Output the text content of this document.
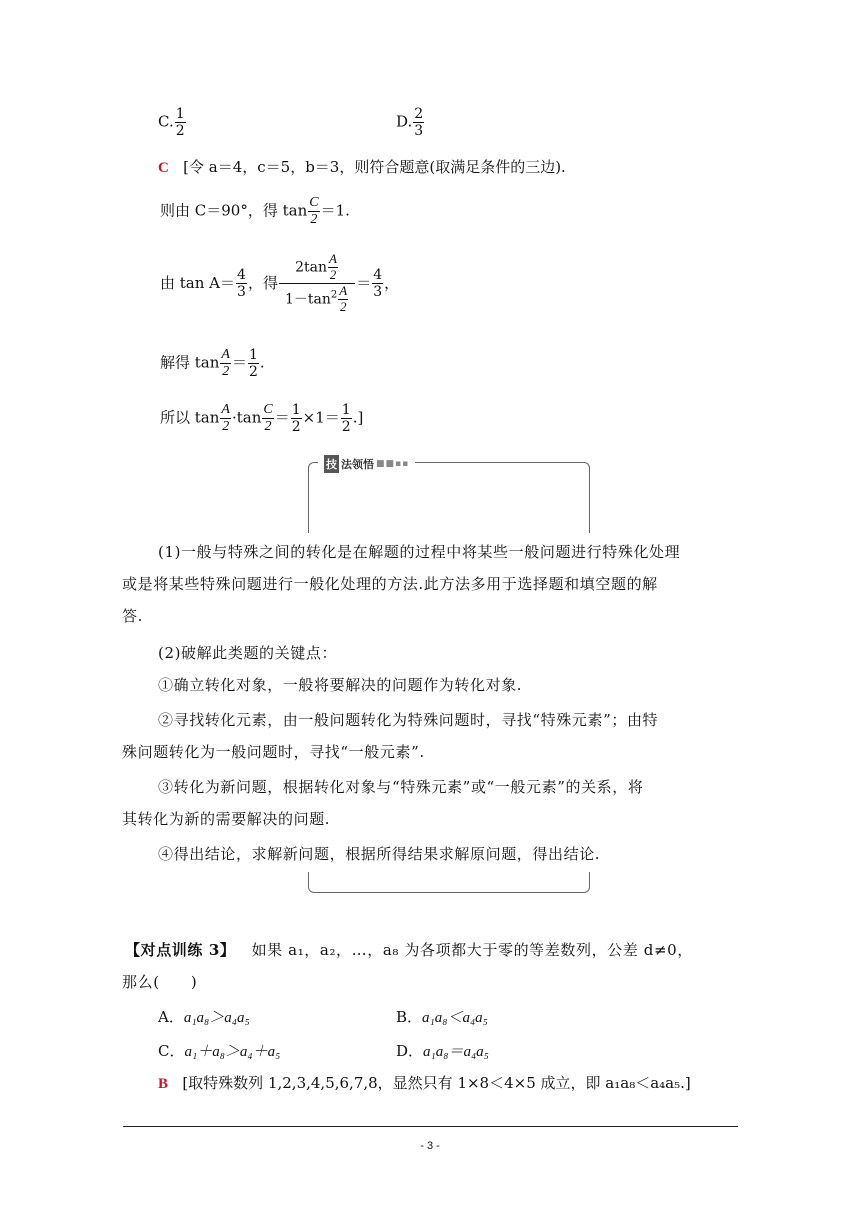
C. $\frac{1}{2}$	D. $\frac{2}{3}$
C [令 a＝4，c＝5，b＝3，则符合题意(取满足条件的三边).
则由 C＝90°，得 $\tan \frac{C}{2} =1$.
由 $\tan A= \frac{4}{3}$ ，得 $\frac{2\tan \frac{A}{2}}{1-\tan^2 \frac{A}{2}} = \frac{4}{3}$ ，
解得 $\tan \frac{A}{2} = \frac{1}{2}$ .
所以 $\tan \frac{A}{2} \cdot\tan \frac{C}{2} = \frac{1}{2} \times 1= \frac{1}{2}$ .]
技 法领悟 ■■▪▪
(1)一般与特殊之间的转化是在解题的过程中将某些一般问题进行特殊化处理
或是将某些特殊问题进行一般化处理的方法.此方法多用于选择题和填空题的解
答.
(2)破解此类题的关键点：
①确立转化对象，一般将要解决的问题作为转化对象.
②寻找转化元素，由一般问题转化为特殊问题时，寻找“特殊元素”；由特
殊问题转化为一般问题时，寻找“一般元素”.
③转化为新问题，根据转化对象与“特殊元素”或“一般元素”的关系，将
其转化为新的需要解决的问题.
④得出结论，求解新问题，根据所得结果求解原问题，得出结论.
【对点训练 3】 如果 a₁，a₂，…，a₈ 为各项都大于零的等差数列，公差 d≠0，
那么(　　)
A．a₁a₈＞a₄a₅	B．a₁a₈＜a₄a₅
C．a₁＋a₈＞a₄＋a₅	D．a₁a₈＝a₄a₅
B [取特殊数列 1,2,3,4,5,6,7,8，显然只有 1×8＜4×5 成立，即 a₁a₈＜a₄a₅.]
- 3 -
